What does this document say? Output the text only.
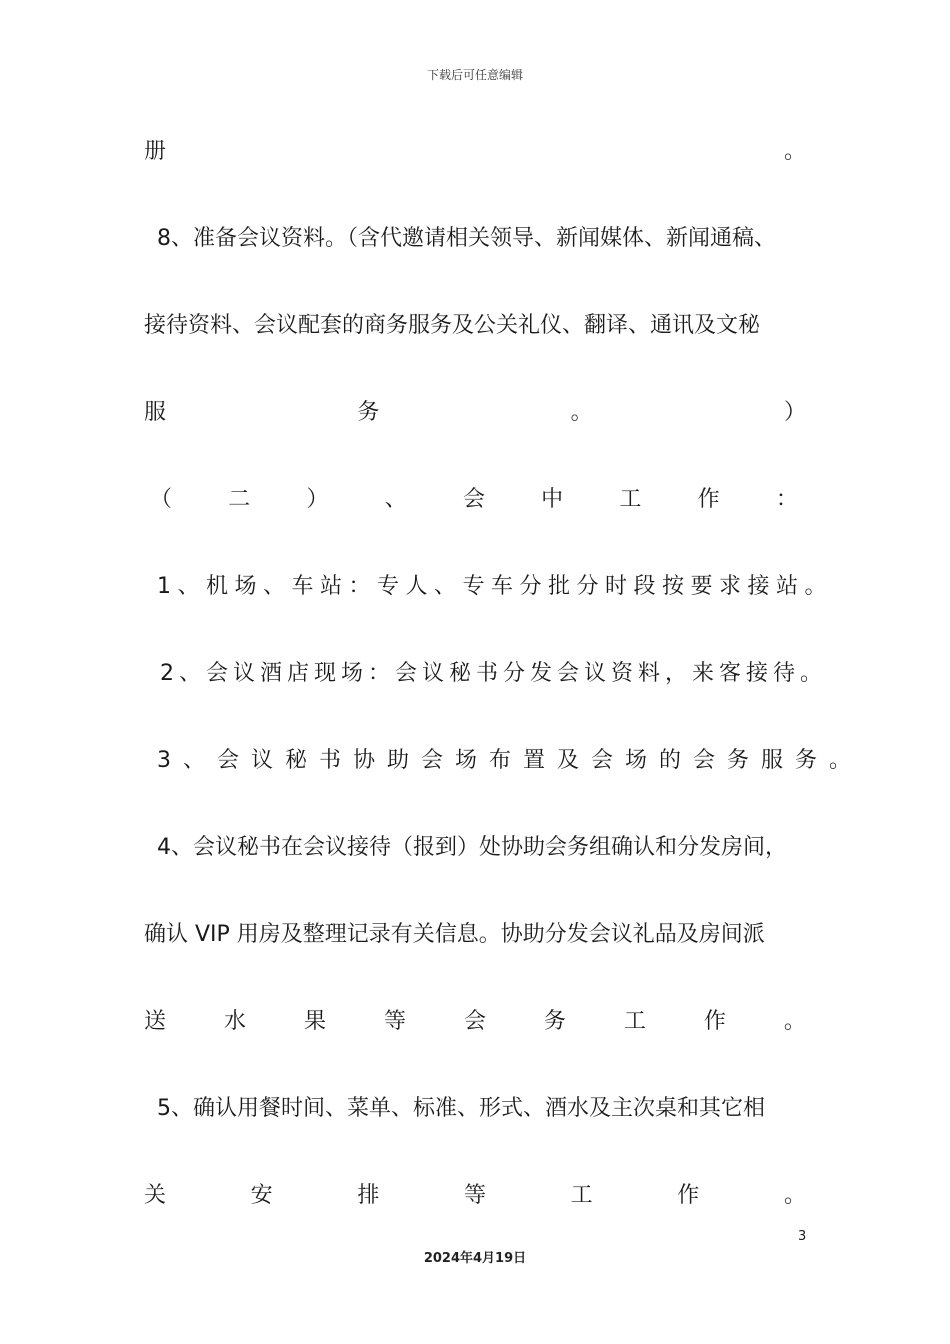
下载后可任意编辑
册	。
8、准备会议资料。（含代邀请相关领导、新闻媒体、新闻通稿、
接待资料、会议配套的商务服务及公关礼仪、翻译、通讯及文秘
服	务	。	）
（	二	）	、	会	中	工	作	：
1、机场、车站：专人、专车分批分时段按要求接站。
2、会议酒店现场：会议秘书分发会议资料，来客接待。
3、会议秘书协助会场布置及会场的会务服务。
4、会议秘书在会议接待（报到）处协助会务组确认和分发房间，
确认 VIP 用房及整理记录有关信息。协助分发会议礼品及房间派
送	水	果	等	会	务	工	作	。
5、确认用餐时间、菜单、标准、形式、酒水及主次桌和其它相
关	安	排	等	工	作	。
3
2024年4月19日
